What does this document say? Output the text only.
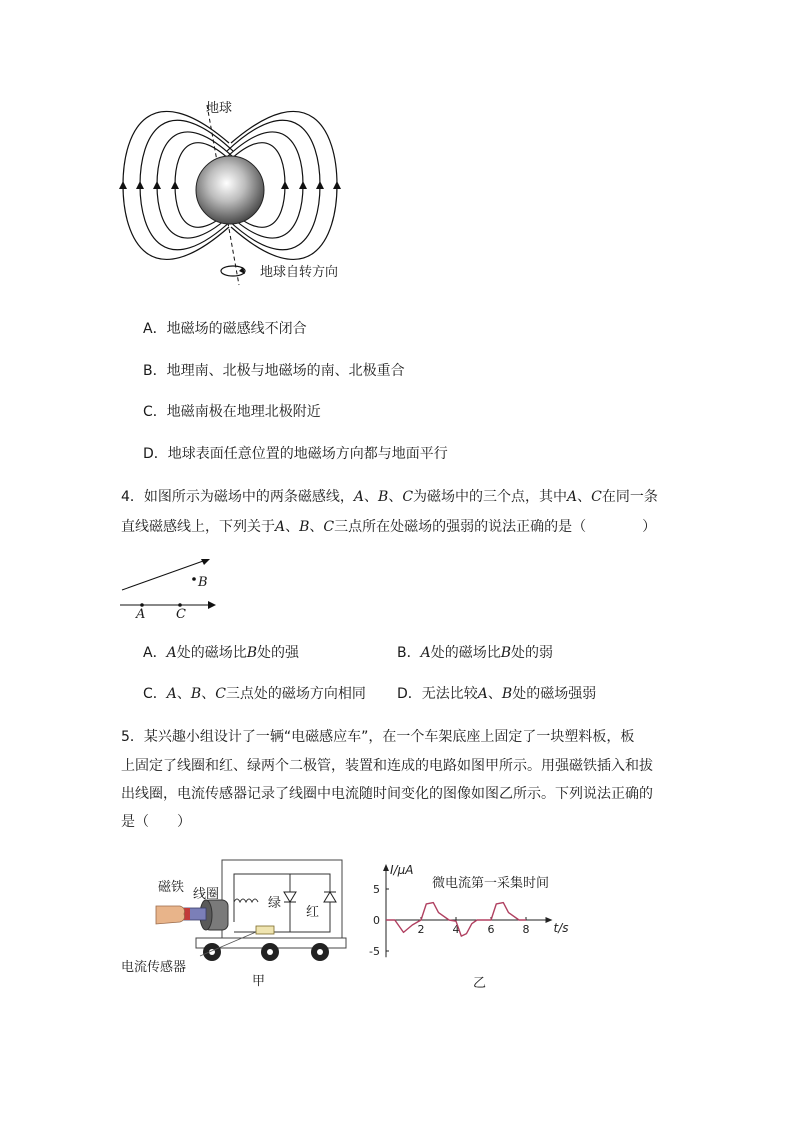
地球
地球自转方向
A．地磁场的磁感线不闭合
B．地理南、北极与地磁场的南、北极重合
C．地磁南极在地理北极附近
D．地球表面任意位置的地磁场方向都与地面平行
4．如图所示为磁场中的两条磁感线，A、B、C为磁场中的三个点，其中A、C在同一条
直线磁感线上，下列关于A、B、C三点所在处磁场的强弱的说法正确的是（　　　　	）
A C
B
A．A处的磁场比B处的强	B．A处的磁场比B处的弱
C．A、B、C三点处的磁场方向相同 D．无法比较A、B处的磁场强弱
5．某兴趣小组设计了一辆“电磁感应车”，在一个车架底座上固定了一块塑料板，板
上固定了线圈和红、绿两个二极管，装置和连成的电路如图甲所示。用强磁铁插入和拔
出线圈，电流传感器记录了线圈中电流随时间变化的图像如图乙所示。下列说法正确的
是（　　）
磁铁 线圈
绿
红
电流传感器
甲
I/μA
t/s
5
0
-5
2	4	6	8
微电流第一采集时间
乙
